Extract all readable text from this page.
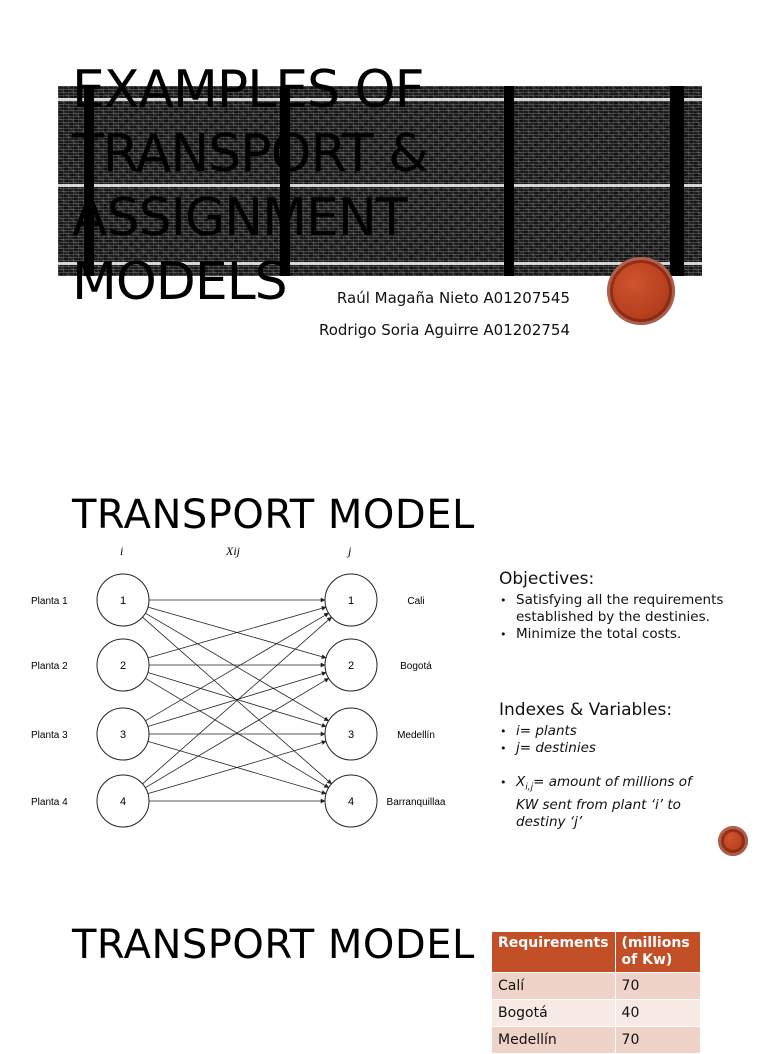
EXAMPLES OF
TRANSPORT &
ASSIGNMENT
MODELS	Raúl Magaña Nieto A01207545
Rodrigo Soria Aguirre A01202754
TRANSPORT MODEL
i	Xij	j
1
Planta 1
2
Planta 2
3
Planta 3
4
Planta 4
1	Cali
2	Bogotá
3	Medellín
4	Barranquillaa
Objectives:
• Satisfying all the requirements established by the destinies.
• Minimize the total costs.
Indexes & Variables:
• i= plants
• j= destinies
• $X_{i,j}=$ amount of millions of KW sent from plant ‘i’ to destiny ‘j’
TRANSPORT MODEL Requirements	(millions of Kw)
Calí	70
Bogotá	40
Medellín	70
